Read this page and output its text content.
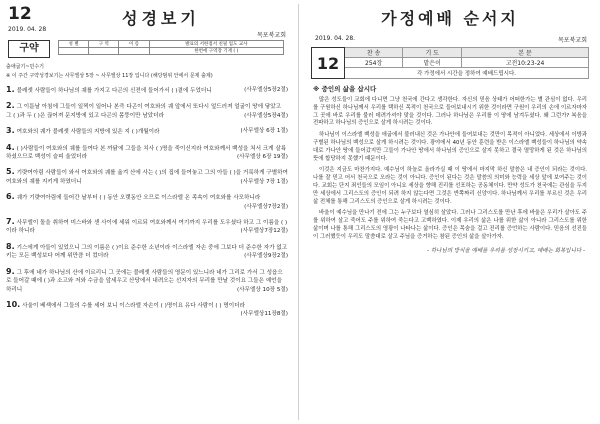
12
2019. 04. 28
성경보기
목포북교회
구약	성 별	구 역	이 름	발표의 서한점서 친필 업도 교사
			한번에 구역장 기재 ( )
출애굽기~민수기
※ 이 주간 구약성경보기는 사무엘상 5장 ~ 사무엘상 11장 입니다 (해당범위 안에서 문제 출제)
1. 블레셋 사람들이 하나님의 궤를 가지고 다곤의 신전에 들어가서 ( )곁에 두었더니	(사무엘상5장2절)
2. 그 이튿날 아침에 그들이 일찍이 일어나 본즉 다곤이 여호와의 궤 앞에서 또다시 엎드러져 얼굴이 땅에 닿았고 그 ( )과 두 ( )은 끊어져 문지방에 있고 다곤의 몸뚱이만 남았더라	(사무엘상5장4절)
3. 여호와의 궤가 블레셋 사람들의 지방에 있은 지 ( )개월이라	(사무엘상 6장 1절)
4. ( )사람들이 여호와의 궤를 들여다 본 까닭에 그들을 치사 ( )명을 죽이신지라 여호와께서 백성을 쳐서 크게 살륙하셨으므로 백성이 슬피 울었더라	(사무엘상 6장 19절)
5. 기럇여아림 사람들이 와서 여호와의 궤를 옮겨 산에 사는 ( )의 집에 들여놓고 그의 아들 ( )을 거룩하게 구별하여 여호와의 궤를 지키게 하였더니	(사무엘상 7장 1절)
6. 궤가 기럇여아림에 들어간 날부터 ( ) 동안 오랫동안 오므로 이스라엘 온 족속이 여호와를 사모하니라
(사무엘상7장2절)
7. 사무엘이 돌을 취하여 미스바와 센 사이에 세워 이르되 여호와께서 여기까지 우리를 도우셨다 하고 그 이름을 ( )이라 하니라	(사무엘상7장12절)
8. 기스에게 아들이 있었으니 그의 이름은 ( )이요 준수한 소년이라 이스라엘 자손 중에 그보다 더 준수한 자가 없고 키는 모든 백성보다 어깨 위만큼 더 컸더라	(사무엘상9장2절)
9. 그 후에 네가 하나님의 산에 이르리니 그 곳에는 블레셋 사람들의 영문이 있느니라 네가 그리로 가서 그 성읍으로 들어갈 때에 ( )과 소고와 저와 수금을 앞세우고 산당에서 내려오는 선지자의 무리를 만날 것이요 그들은 예언을 하리니	(사무엘상 10장 5절)
10. 사울이 베섹에서 그들의 수를 세어 보니 이스라엘 자손이 ( )명이요 유다 사람이 ( ) 명이더라
(사무엘상11장8절)
가정예배 순서지
2019. 04. 28.	목포북교회
12	찬 송	기 도	본 문
	254장	맡은이	고전10:23-24
	각 가정에서 시간을 정하여 예배드립시다.		
※ 중인의 삶을 삽시다
많은 성도들이 교회에 다니면 그냥 천국에 간다고 생각한다. 자신의 믿음 상태가 어떠한가는 별 관심이 없다. 우리를 구원하신 하나님께서 우리를 택하신 목적이 천국으로 들어보내시기 위한 것이라면 구원이 우리의 손에 이르자마자 그 곳에 바로 우리를 불러 데려가셔야 맞을 것이다. 그러나 하나님은 우리를 이 땅에 남겨두셨다. 왜 그런가? 복음을 전파하고 하나님의 증인으로 살게 하시려는 것이다.
하나님이 이스라엘 백성을 애굽에서 불러내신 것은 가나안에 들여보내는 것만이 목적이 아니었다. 세상에서 이방과 구별된 하나님의 백성으로 살게 하시려는 것이다. 광야에서 40년 동안 훈련을 받은 이스라엘 백성들이 하나님의 약속대로 가나안 땅에 들어갔지만 그들이 가나안 땅에서 하나님의 증인으로 살지 못하고 결국 멸망하게 된 것은 하나님의 뜻에 합당하지 못했기 때문이다.
이것은 지금도 마찬가지다. 예수님이 하늘로 올라가실 때 이 땅에서 마지막 하신 말씀은 내 증인이 되라는 것이다. 나를 잘 믿고 어서 천국으로 오라는 것이 아니다. 증인이 된다는 것은 말씀의 의미와 능력을 세상 앞에 보여주는 것이다. 교회는 단지 죄인들의 모임이 아니요 세상을 향해 진리를 선포하는 공동체이다. 만약 성도가 천국에는 관심을 두지만 세상에서 그리스도의 증인이 되려 하지 않는다면 그것은 반쪽짜리 신앙이다. 하나님께서 우리를 부르신 것은 우리 삶 전체를 통해 그리스도의 증인으로 살게 하시려는 것이다.
바울이 예수님을 만나기 전에 그는 누구보다 열심히 살았다. 그러나 그리스도를 만난 후에 바울은 우리가 살아도 주를 위하여 살고 죽어도 주를 위하여 죽는다고 고백하였다. 이제 우리의 삶은 나를 위한 삶이 아니라 그리스도를 위한 삶이며 나를 통해 그리스도의 영광이 나타나는 삶이다. 증인은 목숨을 걸고 진리를 증언하는 사람이다. 믿음의 선진들이 그러했듯이 우리도 말씀대로 살고 주님을 증거하는 참된 증인의 삶을 살아가자.
- 하나님의 방식을 예배를 우리를 성장시키고, 예배는 회복입니다 -
